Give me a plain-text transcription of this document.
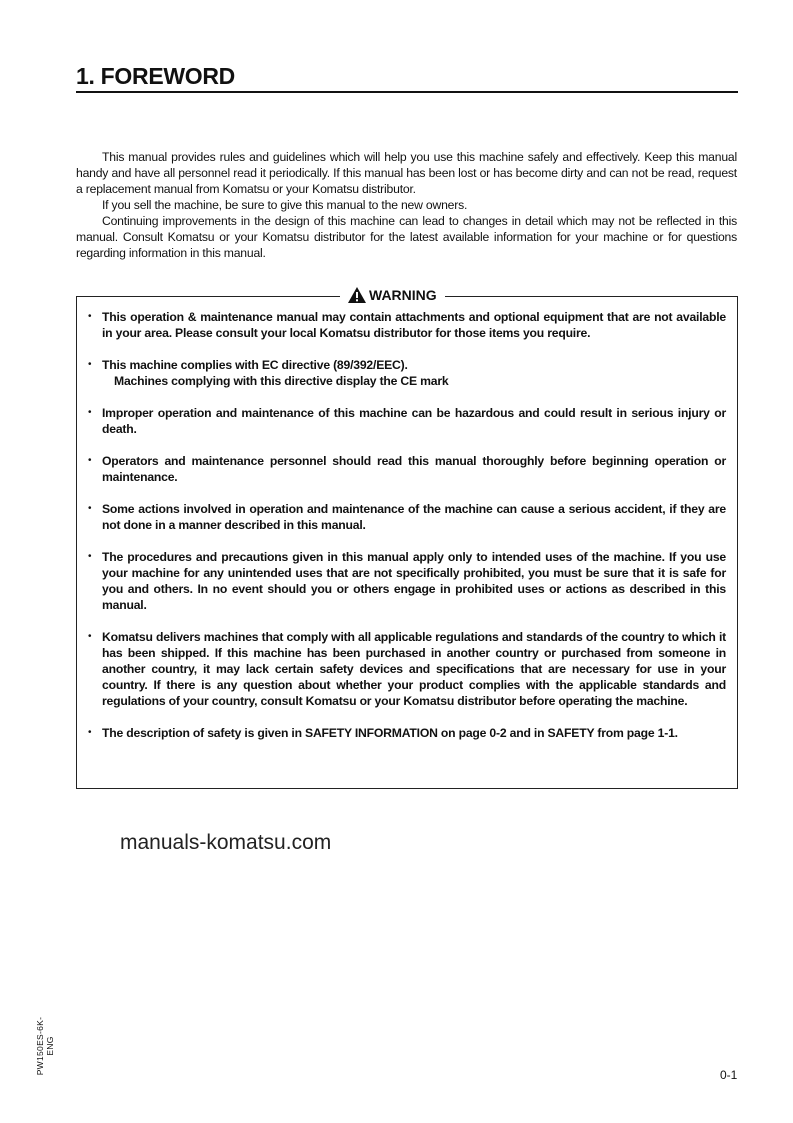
1. FOREWORD

This manual provides rules and guidelines which will help you use this machine safely and effectively. Keep this manual handy and have all personnel read it periodically. If this manual has been lost or has become dirty and can not be read, request a replacement manual from Komatsu or your Komatsu distributor.

If you sell the machine, be sure to give this manual to the new owners.

Continuing improvements in the design of this machine can lead to changes in detail which may not be reflected in this manual. Consult Komatsu or your Komatsu distributor for the latest available information for your machine or for questions regarding information in this manual.

WARNING
• This operation & maintenance manual may contain attachments and optional equipment that are not available in your area. Please consult your local Komatsu distributor for those items you require.
• This machine complies with EC directive (89/392/EEC).
Machines complying with this directive display the CE mark
• Improper operation and maintenance of this machine can be hazardous and could result in serious injury or death.
• Operators and maintenance personnel should read this manual thoroughly before beginning operation or maintenance.
• Some actions involved in operation and maintenance of the machine can cause a serious accident, if they are not done in a manner described in this manual.
• The procedures and precautions given in this manual apply only to intended uses of the machine. If you use your machine for any unintended uses that are not specifically prohibited, you must be sure that it is safe for you and others. In no event should you or others engage in prohibited uses or actions as described in this manual.
• Komatsu delivers machines that comply with all applicable regulations and standards of the country to which it has been shipped. If this machine has been purchased in another country or purchased from someone in another country, it may lack certain safety devices and specifications that are necessary for use in your country. If there is any question about whether your product complies with the applicable standards and regulations of your country, consult Komatsu or your Komatsu distributor before operating the machine.
• The description of safety is given in SAFETY INFORMATION on page 0-2 and in SAFETY from page 1-1.
manuals-komatsu.com
PW150ES-6K-ENG
0-1
